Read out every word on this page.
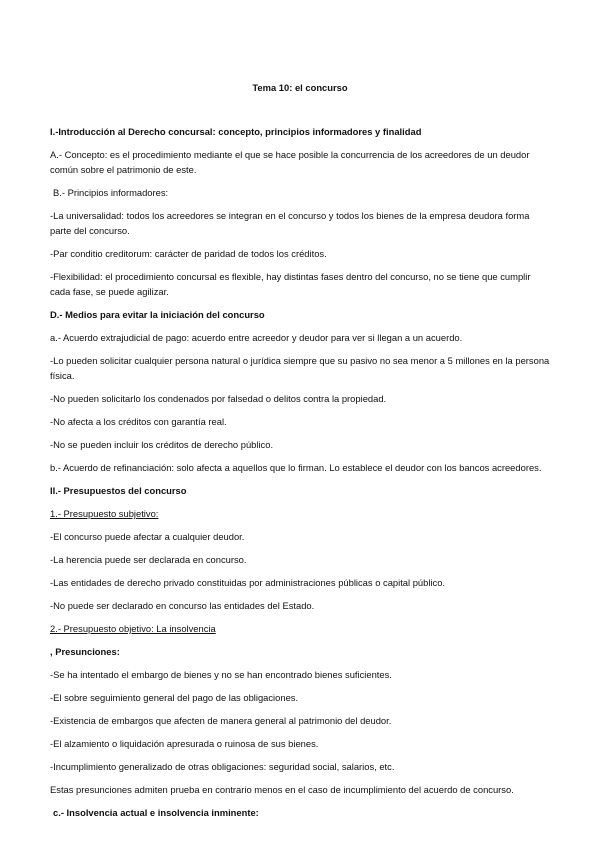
Tema 10: el concurso

I.-Introducción al Derecho concursal: concepto, principios informadores y finalidad

A.- Concepto: es el procedimiento mediante el que se hace posible la concurrencia de los acreedores de un deudor común sobre el patrimonio de este.

B.- Principios informadores:

-La universalidad: todos los acreedores se integran en el concurso y todos los bienes de la empresa deudora forma parte del concurso.

-Par conditio creditorum: carácter de paridad de todos los créditos.

-Flexibilidad: el procedimiento concursal es flexible, hay distintas fases dentro del concurso, no se tiene que cumplir cada fase, se puede agilizar.

D.- Medios para evitar la iniciación del concurso

a.- Acuerdo extrajudicial de pago: acuerdo entre acreedor y deudor para ver si llegan a un acuerdo.

-Lo pueden solicitar cualquier persona natural o jurídica siempre que su pasivo no sea menor a 5 millones en la persona física.

-No pueden solicitarlo los condenados por falsedad o delitos contra la propiedad.

-No afecta a los créditos con garantía real.

-No se pueden incluir los créditos de derecho público.

b.- Acuerdo de refinanciación: solo afecta a aquellos que lo firman. Lo establece el deudor con los bancos acreedores.

II.- Presupuestos del concurso

1.- Presupuesto subjetivo:

-El concurso puede afectar a cualquier deudor.

-La herencia puede ser declarada en concurso.

-Las entidades de derecho privado constituidas por administraciones públicas o capital público.

-No puede ser declarado en concurso las entidades del Estado.

2.- Presupuesto objetivo: La insolvencia

, Presunciones:

-Se ha intentado el embargo de bienes y no se han encontrado bienes suficientes.

-El sobre seguimiento general del pago de las obligaciones.

-Existencia de embargos que afecten de manera general al patrimonio del deudor.

-El alzamiento o liquidación apresurada o ruinosa de sus bienes.

-Incumplimiento generalizado de otras obligaciones: seguridad social, salarios, etc.

Estas presunciones admiten prueba en contrario menos en el caso de incumplimiento del acuerdo de concurso.

c.- Insolvencia actual e insolvencia inminente:
